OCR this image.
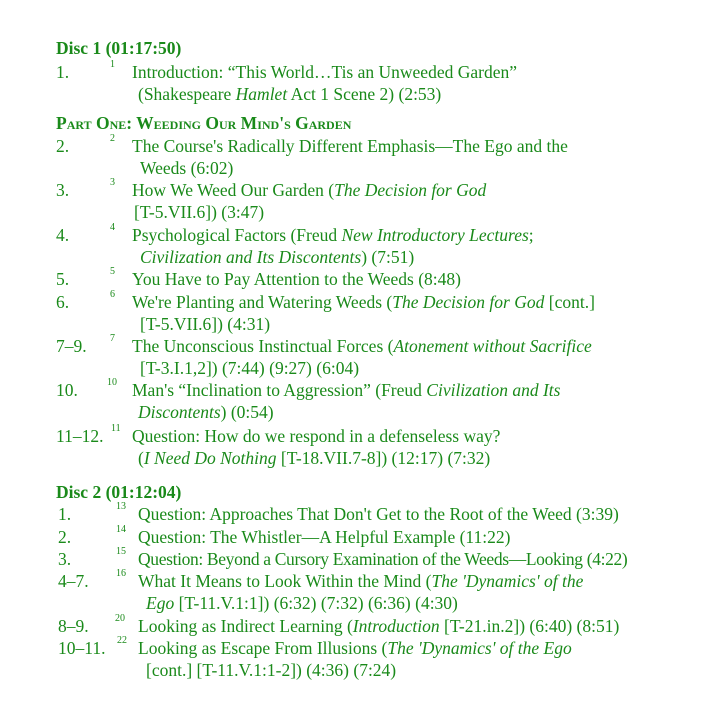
Disc 1 (01:17:50)
Part One: Weeding Our Mind's Garden
1.	1 Introduction: “This World…Tis an Unweeded Garden”
(Shakespeare Hamlet Act 1 Scene 2) (2:53)
2.	2 The Course's Radically Different Emphasis—The Ego and the
Weeds (6:02)
3.	3 How We Weed Our Garden (The Decision for God
[T-5.VII.6]) (3:47)
4.	4 Psychological Factors (Freud New Introductory Lectures;
Civilization and Its Discontents) (7:51)
5.	5 You Have to Pay Attention to the Weeds (8:48)
6.	6 We're Planting and Watering Weeds (The Decision for God [cont.]
[T-5.VII.6]) (4:31)
7–9. 7 The Unconscious Instinctual Forces (Atonement without Sacrifice
[T-3.I.1,2]) (7:44) (9:27) (6:04)
10.	10 Man's “Inclination to Aggression” (Freud Civilization and Its
Discontents) (0:54)
11–12. 11 Question: How do we respond in a defenseless way?
(I Need Do Nothing [T-18.VII.7-8]) (12:17) (7:32)
Disc 2 (01:12:04)
1.	13 Question: Approaches That Don't Get to the Root of the Weed (3:39)
2.	14 Question: The Whistler—A Helpful Example (11:22)
3.	15 Question: Beyond a Cursory Examination of the Weeds—Looking (4:22)
4–7.	16 What It Means to Look Within the Mind (The 'Dynamics' of the
Ego [T-11.V.1:1]) (6:32) (7:32) (6:36) (4:30)
8–9.	20 Looking as Indirect Learning (Introduction [T-21.in.2]) (6:40) (8:51)
10–11. 22 Looking as Escape From Illusions (The 'Dynamics' of the Ego
[cont.] [T-11.V.1:1-2]) (4:36) (7:24)
